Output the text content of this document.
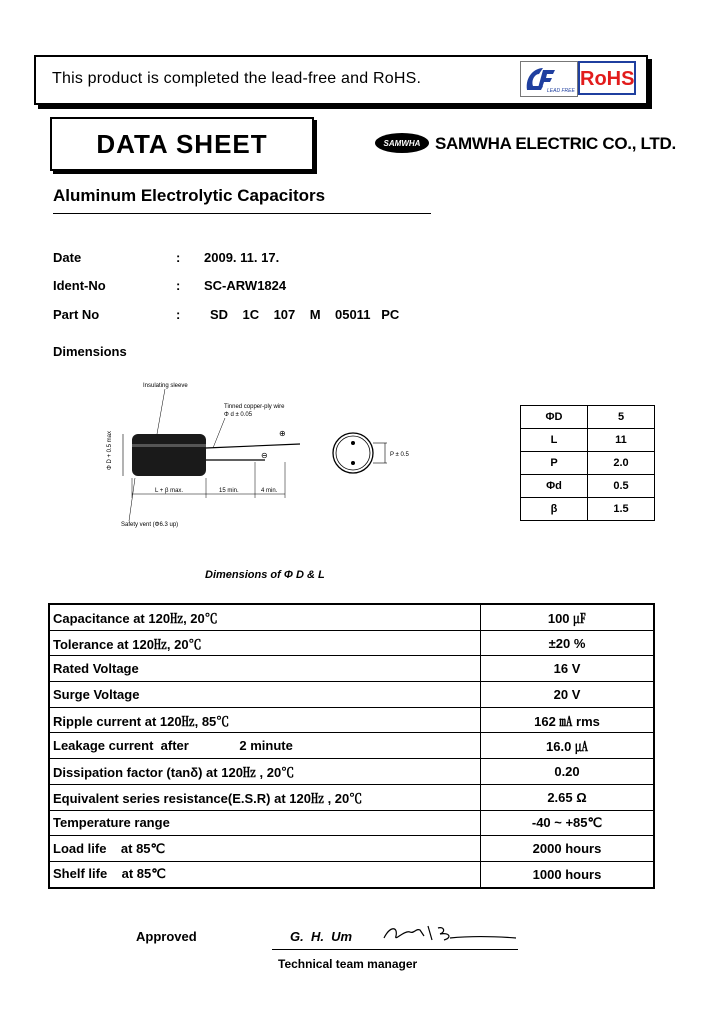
This product is completed the lead-free and RoHS.
LEAD FREE
RoHS
DATA SHEET	SAMWHA SAMWHA ELECTRIC CO., LTD.
Aluminum Electrolytic Capacitors
Date	: 2009. 11. 17.
Ident-No	: SC-ARW1824
Part No	: SD    1C    107    M    05011   PC
Dimensions
P ± 0.5
Φ D + 0.5 max
L + β max.	15 min.	4 min.
Insulating sleeve
Tinned copper-ply wire
Φ d ± 0.05
⊕
⊖
Safety vent (Φ6.3 up)
ΦD	5
L	11
P	2.0
Φd	0.5
β	1.5
Dimensions of Φ D & L
Capacitance at 120㎐, 20℃	100 ㎌
Tolerance at 120㎐, 20℃	±20 %
Rated Voltage	16 V
Surge Voltage	20 V
Ripple current at 120㎐, 85℃	162 ㎃ rms
Leakage current  after              2 minute	16.0 ㎂
Dissipation factor (tanδ) at 120㎐ , 20℃	0.20
Equivalent series resistance(E.S.R) at 120㎐ , 20℃	2.65 Ω
Temperature range	-40 ~ +85℃
Load life    at 85℃	2000 hours
Shelf life    at 85℃	1000 hours
Approved	G.  H.  Um
Technical team manager
